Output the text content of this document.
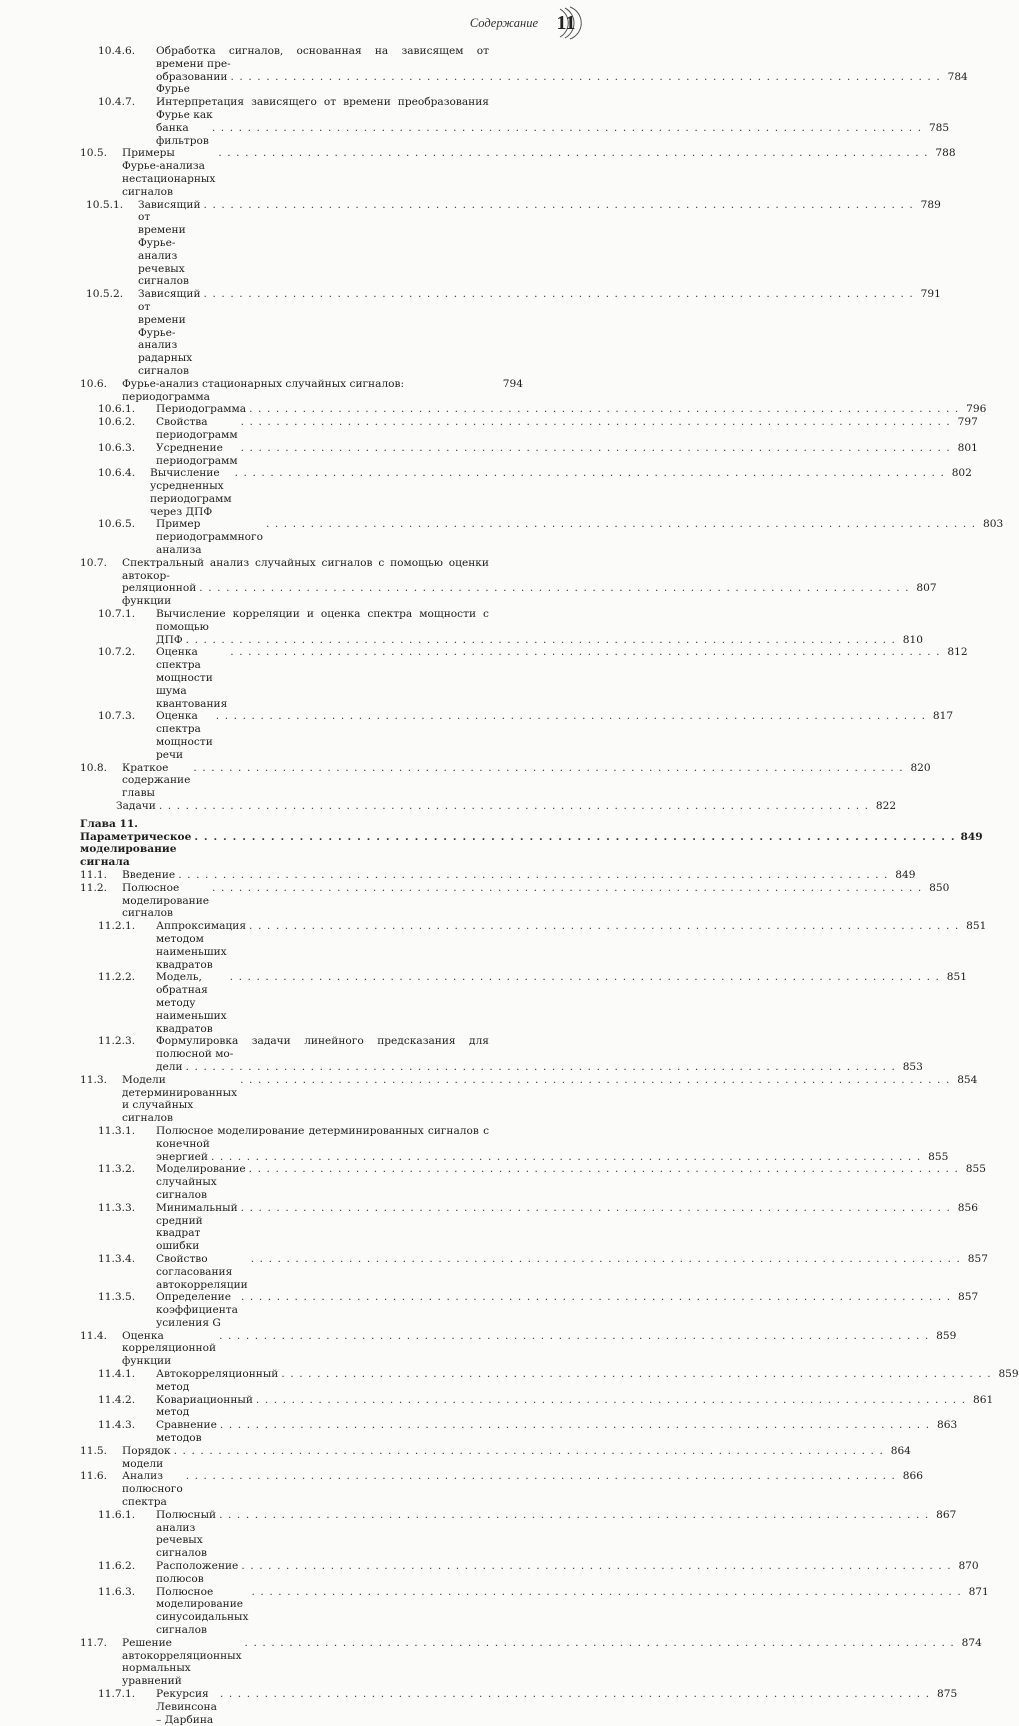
Содержание 11
10.4.6.	Обработка сигналов, основанная на зависящем от времени пре-
образовании Фурье
. . . . . . . . . . . . . . . . . . . . . . . . . . . . . . . . . . . . . . . . . . . . . . . . . . . . . . . . . . . . . . . . . . . . . . . . . . . . . . . . 784
10.4.7.	Интерпретация зависящего от времени преобразования Фурье как
банка фильтров
. . . . . . . . . . . . . . . . . . . . . . . . . . . . . . . . . . . . . . . . . . . . . . . . . . . . . . . . . . . . . . . . . . . . . . . . . . . . . . . . 785
10.5.	Примеры Фурье-анализа нестационарных сигналов
. . . . . . . . . . . . . . . . . . . . . . . . . . . . . . . . . . . . . . . . . . . . . . . . . . . . . . . . . . . . . . . . . . . . . . . . . . . . . . . . 788
10.5.1.	Зависящий от времени Фурье-анализ речевых сигналов
. . . . . . . . . . . . . . . . . . . . . . . . . . . . . . . . . . . . . . . . . . . . . . . . . . . . . . . . . . . . . . . . . . . . . . . . . . . . . . . . 789
10.5.2.	Зависящий от времени Фурье-анализ радарных сигналов
. . . . . . . . . . . . . . . . . . . . . . . . . . . . . . . . . . . . . . . . . . . . . . . . . . . . . . . . . . . . . . . . . . . . . . . . . . . . . . . . 791
10.6.	Фурье-анализ стационарных случайных сигналов: периодограмма
794
10.6.1.	Периодограмма . . . . . . . . . . . . . . . . . . . . . . . . . . . . . . . . . . . . . . . . . . . . . . . . . . . . . . . . . . . . . . . . . . . . . . . . . . . . . . . . 796
10.6.2.	Свойства периодограмм
. . . . . . . . . . . . . . . . . . . . . . . . . . . . . . . . . . . . . . . . . . . . . . . . . . . . . . . . . . . . . . . . . . . . . . . . . . . . . . . . 797
10.6.3.	Усреднение периодограмм
. . . . . . . . . . . . . . . . . . . . . . . . . . . . . . . . . . . . . . . . . . . . . . . . . . . . . . . . . . . . . . . . . . . . . . . . . . . . . . . . 801
10.6.4.	Вычисление усредненных периодограмм через ДПФ
. . . . . . . . . . . . . . . . . . . . . . . . . . . . . . . . . . . . . . . . . . . . . . . . . . . . . . . . . . . . . . . . . . . . . . . . . . . . . . . . 802
10.6.5.	Пример периодограммного анализа
. . . . . . . . . . . . . . . . . . . . . . . . . . . . . . . . . . . . . . . . . . . . . . . . . . . . . . . . . . . . . . . . . . . . . . . . . . . . . . . . 803
10.7.	Спектральный анализ случайных сигналов с помощью оценки автокор-
реляционной функции
. . . . . . . . . . . . . . . . . . . . . . . . . . . . . . . . . . . . . . . . . . . . . . . . . . . . . . . . . . . . . . . . . . . . . . . . . . . . . . . . 807
10.7.1.	Вычисление корреляции и оценка спектра мощности с помощью
ДПФ . . . . . . . . . . . . . . . . . . . . . . . . . . . . . . . . . . . . . . . . . . . . . . . . . . . . . . . . . . . . . . . . . . . . . . . . . . . . . . . . 810
10.7.2.	Оценка спектра мощности шума квантования
. . . . . . . . . . . . . . . . . . . . . . . . . . . . . . . . . . . . . . . . . . . . . . . . . . . . . . . . . . . . . . . . . . . . . . . . . . . . . . . . 812
10.7.3.	Оценка спектра мощности речи
. . . . . . . . . . . . . . . . . . . . . . . . . . . . . . . . . . . . . . . . . . . . . . . . . . . . . . . . . . . . . . . . . . . . . . . . . . . . . . . . 817
10.8.	Краткое содержание главы
. . . . . . . . . . . . . . . . . . . . . . . . . . . . . . . . . . . . . . . . . . . . . . . . . . . . . . . . . . . . . . . . . . . . . . . . . . . . . . . . 820
Задачи . . . . . . . . . . . . . . . . . . . . . . . . . . . . . . . . . . . . . . . . . . . . . . . . . . . . . . . . . . . . . . . . . . . . . . . . . . . . . . . . 822
Глава 11.
Параметрическое моделирование сигнала
. . . . . . . . . . . . . . . . . . . . . . . . . . . . . . . . . . . . . . . . . . . . . . . . . . . . . . . . . . . . . . . . . . . . . . . . . . . . . . . . 849
11.1.	Введение . . . . . . . . . . . . . . . . . . . . . . . . . . . . . . . . . . . . . . . . . . . . . . . . . . . . . . . . . . . . . . . . . . . . . . . . . . . . . . . . 849
11.2.	Полюсное моделирование сигналов
. . . . . . . . . . . . . . . . . . . . . . . . . . . . . . . . . . . . . . . . . . . . . . . . . . . . . . . . . . . . . . . . . . . . . . . . . . . . . . . . 850
11.2.1.	Аппроксимация методом наименьших квадратов
. . . . . . . . . . . . . . . . . . . . . . . . . . . . . . . . . . . . . . . . . . . . . . . . . . . . . . . . . . . . . . . . . . . . . . . . . . . . . . . . 851
11.2.2.	Модель, обратная методу наименьших квадратов
. . . . . . . . . . . . . . . . . . . . . . . . . . . . . . . . . . . . . . . . . . . . . . . . . . . . . . . . . . . . . . . . . . . . . . . . . . . . . . . . 851
11.2.3.	Формулировка задачи линейного предсказания для полюсной мо-
дели . . . . . . . . . . . . . . . . . . . . . . . . . . . . . . . . . . . . . . . . . . . . . . . . . . . . . . . . . . . . . . . . . . . . . . . . . . . . . . . . 853
11.3.	Модели детерминированных и случайных сигналов
. . . . . . . . . . . . . . . . . . . . . . . . . . . . . . . . . . . . . . . . . . . . . . . . . . . . . . . . . . . . . . . . . . . . . . . . . . . . . . . . 854
11.3.1.	Полюсное моделирование детерминированных сигналов с конечной
энергией . . . . . . . . . . . . . . . . . . . . . . . . . . . . . . . . . . . . . . . . . . . . . . . . . . . . . . . . . . . . . . . . . . . . . . . . . . . . . . . . 855
11.3.2.	Моделирование случайных сигналов
. . . . . . . . . . . . . . . . . . . . . . . . . . . . . . . . . . . . . . . . . . . . . . . . . . . . . . . . . . . . . . . . . . . . . . . . . . . . . . . . 855
11.3.3.	Минимальный средний квадрат ошибки
. . . . . . . . . . . . . . . . . . . . . . . . . . . . . . . . . . . . . . . . . . . . . . . . . . . . . . . . . . . . . . . . . . . . . . . . . . . . . . . . 856
11.3.4.	Свойство согласования автокорреляции
. . . . . . . . . . . . . . . . . . . . . . . . . . . . . . . . . . . . . . . . . . . . . . . . . . . . . . . . . . . . . . . . . . . . . . . . . . . . . . . . 857
11.3.5.	Определение коэффициента усиления G
. . . . . . . . . . . . . . . . . . . . . . . . . . . . . . . . . . . . . . . . . . . . . . . . . . . . . . . . . . . . . . . . . . . . . . . . . . . . . . . . 857
11.4.	Оценка корреляционной функции
. . . . . . . . . . . . . . . . . . . . . . . . . . . . . . . . . . . . . . . . . . . . . . . . . . . . . . . . . . . . . . . . . . . . . . . . . . . . . . . . 859
11.4.1.	Автокорреляционный метод
. . . . . . . . . . . . . . . . . . . . . . . . . . . . . . . . . . . . . . . . . . . . . . . . . . . . . . . . . . . . . . . . . . . . . . . . . . . . . . . . 859
11.4.2.	Ковариационный метод
. . . . . . . . . . . . . . . . . . . . . . . . . . . . . . . . . . . . . . . . . . . . . . . . . . . . . . . . . . . . . . . . . . . . . . . . . . . . . . . . 861
11.4.3.	Сравнение методов
. . . . . . . . . . . . . . . . . . . . . . . . . . . . . . . . . . . . . . . . . . . . . . . . . . . . . . . . . . . . . . . . . . . . . . . . . . . . . . . . 863
11.5.	Порядок модели
. . . . . . . . . . . . . . . . . . . . . . . . . . . . . . . . . . . . . . . . . . . . . . . . . . . . . . . . . . . . . . . . . . . . . . . . . . . . . . . . 864
11.6.	Анализ полюсного спектра
. . . . . . . . . . . . . . . . . . . . . . . . . . . . . . . . . . . . . . . . . . . . . . . . . . . . . . . . . . . . . . . . . . . . . . . . . . . . . . . . 866
11.6.1.	Полюсный анализ речевых сигналов
. . . . . . . . . . . . . . . . . . . . . . . . . . . . . . . . . . . . . . . . . . . . . . . . . . . . . . . . . . . . . . . . . . . . . . . . . . . . . . . . 867
11.6.2.	Расположение полюсов
. . . . . . . . . . . . . . . . . . . . . . . . . . . . . . . . . . . . . . . . . . . . . . . . . . . . . . . . . . . . . . . . . . . . . . . . . . . . . . . . 870
11.6.3.	Полюсное моделирование синусоидальных сигналов
. . . . . . . . . . . . . . . . . . . . . . . . . . . . . . . . . . . . . . . . . . . . . . . . . . . . . . . . . . . . . . . . . . . . . . . . . . . . . . . . 871
11.7.	Решение автокорреляционных нормальных уравнений
. . . . . . . . . . . . . . . . . . . . . . . . . . . . . . . . . . . . . . . . . . . . . . . . . . . . . . . . . . . . . . . . . . . . . . . . . . . . . . . . 874
11.7.1.	Рекурсия Левинсона – Дарбина
. . . . . . . . . . . . . . . . . . . . . . . . . . . . . . . . . . . . . . . . . . . . . . . . . . . . . . . . . . . . . . . . . . . . . . . . . . . . . . . . 875
